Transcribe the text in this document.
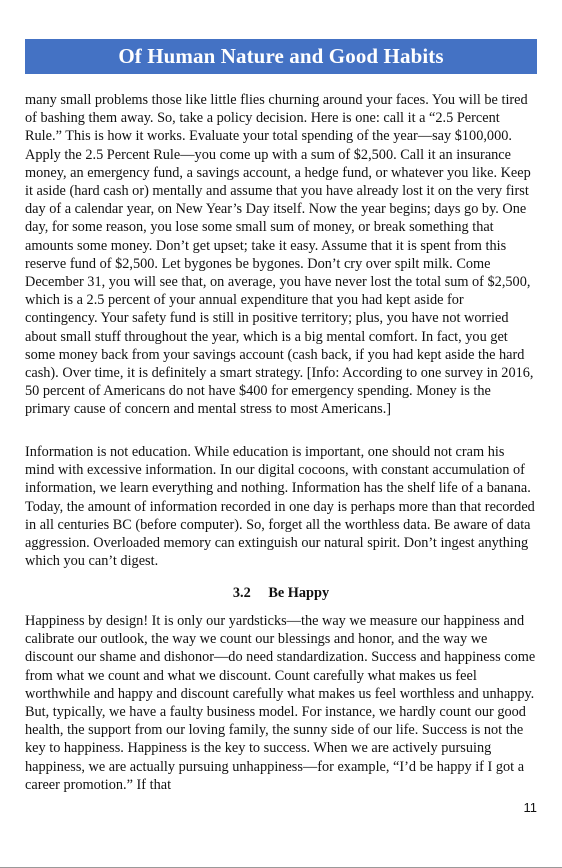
Of Human Nature and Good Habits

many small problems those like little flies churning around your faces. You will be tired of bashing them away. So, take a policy decision. Here is one: call it a “2.5 Percent Rule.” This is how it works. Evaluate your total spending of the year—say $100,000. Apply the 2.5 Percent Rule—you come up with a sum of $2,500. Call it an insurance money, an emergency fund, a savings account, a hedge fund, or whatever you like. Keep it aside (hard cash or) mentally and assume that you have already lost it on the very first day of a calendar year, on New Year’s Day itself. Now the year begins; days go by. One day, for some reason, you lose some small sum of money, or break something that amounts some money. Don’t get upset; take it easy. Assume that it is spent from this reserve fund of $2,500. Let bygones be bygones. Don’t cry over spilt milk. Come December 31, you will see that, on average, you have never lost the total sum of $2,500, which is a 2.5 percent of your annual expenditure that you had kept aside for contingency. Your safety fund is still in positive territory; plus, you have not worried about small stuff throughout the year, which is a big mental comfort. In fact, you get some money back from your savings account (cash back, if you had kept aside the hard cash). Over time, it is definitely a smart strategy. [Info: According to one survey in 2016, 50 percent of Americans do not have $400 for emergency spending. Money is the primary cause of concern and mental stress to most Americans.]

Information is not education. While education is important, one should not cram his mind with excessive information. In our digital cocoons, with constant accumulation of information, we learn everything and nothing. Information has the shelf life of a banana. Today, the amount of information recorded in one day is perhaps more than that recorded in all centuries BC (before computer). So, forget all the worthless data. Be aware of data aggression. Overloaded memory can extinguish our natural spirit. Don’t ingest anything which you can’t digest.

3.2 Be Happy

Happiness by design! It is only our yardsticks—the way we measure our happiness and calibrate our outlook, the way we count our blessings and honor, and the way we discount our shame and dishonor—do need standardization. Success and happiness come from what we count and what we discount. Count carefully what makes us feel worthwhile and happy and discount carefully what makes us feel worthless and unhappy. But, typically, we have a faulty business model. For instance, we hardly count our good health, the support from our loving family, the sunny side of our life. Success is not the key to happiness. Happiness is the key to success. When we are actively pursuing happiness, we are actually pursuing unhappiness—for example, “I’d be happy if I got a career promotion.” If that

11
